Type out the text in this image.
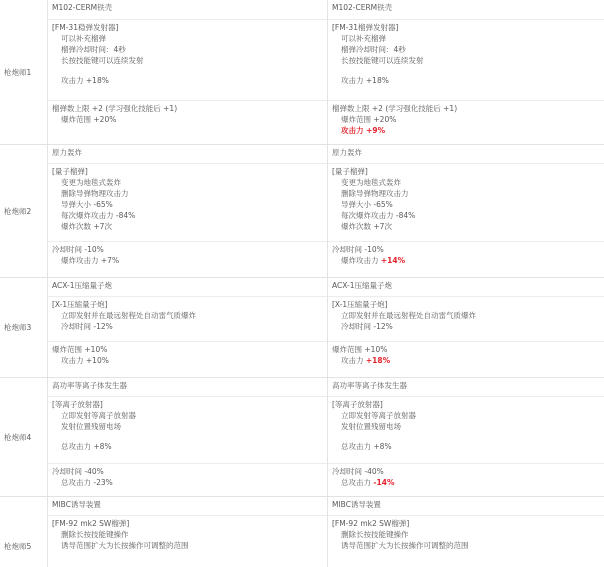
枪炮师1
M102-CERM铁壳
[FM-31稳弹发射器]
可以补充榴弹
榴弹冷却时间：4秒
长按技能键可以连续发射
攻击力 +18%
榴弹数上限 +2 (学习强化技能后 +1)
爆炸范围 +20%
M102-CERM铁壳
[FM-31榴弹发射器]
可以补充榴弹
榴弹冷却时间：4秒
长按技能键可以连续发射
攻击力 +18%
榴弹数上限 +2 (学习强化技能后 +1)
爆炸范围 +20%
攻击力 +9%
枪炮师2
原力轰炸
[量子榴弹]
变更为地毯式轰炸
删除导弹物理攻击力
导弹大小 -65%
每次爆炸攻击力 -84%
爆炸次数 +7次
冷却时间 -10%
爆炸攻击力 +7%
原力轰炸
[量子榴弹]
变更为地毯式轰炸
删除导弹物理攻击力
导弹大小 -65%
每次爆炸攻击力 -84%
爆炸次数 +7次
冷却时间 -10%
爆炸攻击力 +14%
枪炮师3
ACX-1压缩量子炮
[X-1压缩量子炮]
立即发射并在最远射程处自动雷气质爆炸
冷却时间 -12%
爆炸范围 +10%
攻击力 +10%
ACX-1压缩量子炮
[X-1压缩量子炮]
立即发射并在最远射程处自动雷气质爆炸
冷却时间 -12%
爆炸范围 +10%
攻击力 +18%
枪炮师4
高功率等离子体发生器
[等离子放射器]
立即发射等离子放射器
发射位置残留电场
总攻击力 +8%
冷却时间 -40%
总攻击力 -23%
高功率等离子体发生器
[等离子放射器]
立即发射等离子放射器
发射位置残留电场
总攻击力 +8%
冷却时间 -40%
总攻击力 -14%
枪炮师5
MIBC诱导装置
[FM-92 mk2 SW榴弹]
删除长按技能键操作
诱导范围扩大为长按操作可调整的范围
MIBC诱导装置
[FM-92 mk2 SW榴弹]
删除长按技能键操作
诱导范围扩大为长按操作可调整的范围
